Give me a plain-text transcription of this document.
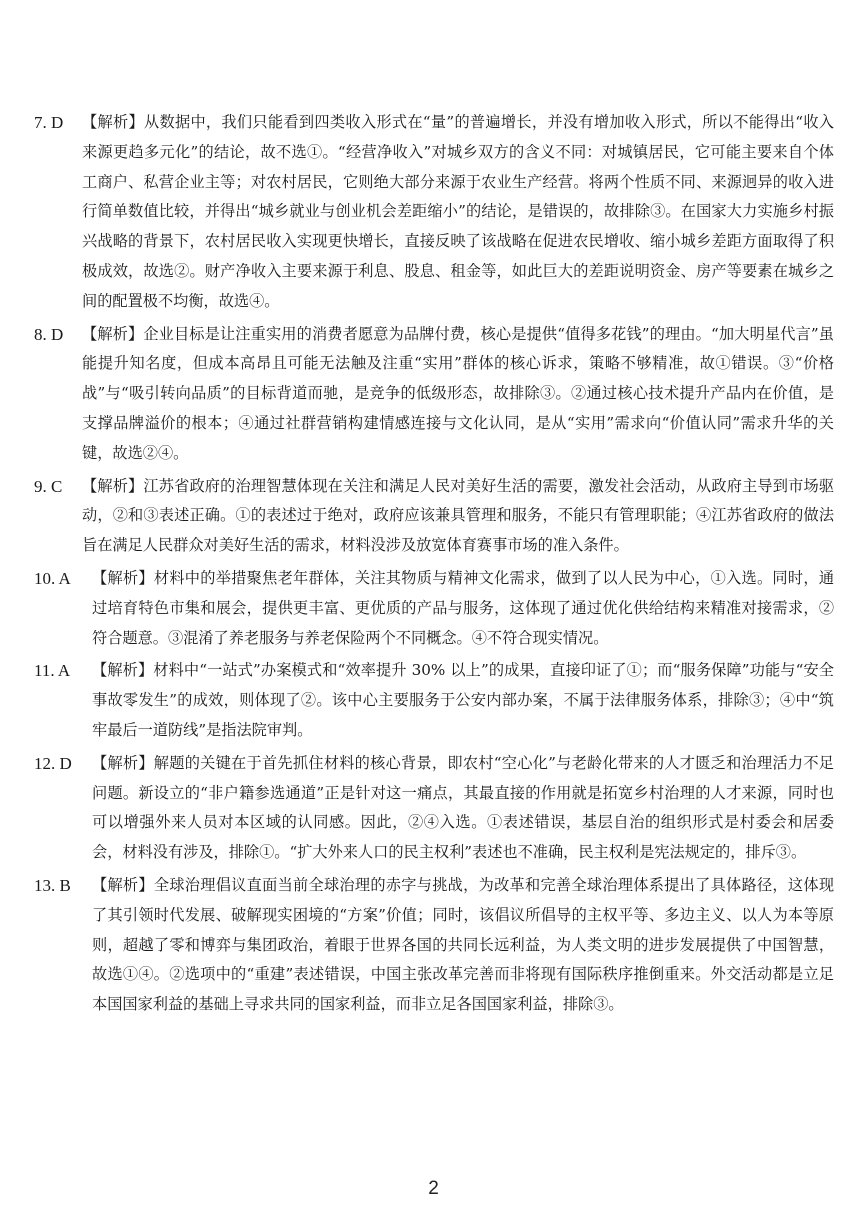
7. D	【解析】从数据中，我们只能看到四类收入形式在“量”的普遍增长，并没有增加收入形式，所以不能得出“收入来源更趋多元化”的结论，故不选①。“经营净收入”对城乡双方的含义不同：对城镇居民，它可能主要来自个体工商户、私营企业主等；对农村居民，它则绝大部分来源于农业生产经营。将两个性质不同、来源迥异的收入进行简单数值比较，并得出“城乡就业与创业机会差距缩小”的结论，是错误的，故排除③。在国家大力实施乡村振兴战略的背景下，农村居民收入实现更快增长，直接反映了该战略在促进农民增收、缩小城乡差距方面取得了积极成效，故选②。财产净收入主要来源于利息、股息、租金等，如此巨大的差距说明资金、房产等要素在城乡之间的配置极不均衡，故选④。
8. D	【解析】企业目标是让注重实用的消费者愿意为品牌付费，核心是提供“值得多花钱”的理由。“加大明星代言”虽能提升知名度，但成本高昂且可能无法触及注重“实用”群体的核心诉求，策略不够精准，故①错误。③“价格战”与“吸引转向品质”的目标背道而驰，是竞争的低级形态，故排除③。②通过核心技术提升产品内在价值，是支撑品牌溢价的根本；④通过社群营销构建情感连接与文化认同，是从“实用”需求向“价值认同”需求升华的关键，故选②④。
9. C	【解析】江苏省政府的治理智慧体现在关注和满足人民对美好生活的需要，激发社会活动，从政府主导到市场驱动，②和③表述正确。①的表述过于绝对，政府应该兼具管理和服务，不能只有管理职能；④江苏省政府的做法旨在满足人民群众对美好生活的需求，材料没涉及放宽体育赛事市场的准入条件。
10. A	【解析】材料中的举措聚焦老年群体，关注其物质与精神文化需求，做到了以人民为中心，①入选。同时，通过培育特色市集和展会，提供更丰富、更优质的产品与服务，这体现了通过优化供给结构来精准对接需求，②符合题意。③混淆了养老服务与养老保险两个不同概念。④不符合现实情况。
11. A	【解析】材料中“一站式”办案模式和“效率提升 30% 以上”的成果，直接印证了①；而“服务保障”功能与“安全事故零发生”的成效，则体现了②。该中心主要服务于公安内部办案，不属于法律服务体系，排除③；④中“筑牢最后一道防线”是指法院审判。
12. D	【解析】解题的关键在于首先抓住材料的核心背景，即农村“空心化”与老龄化带来的人才匮乏和治理活力不足问题。新设立的“非户籍参选通道”正是针对这一痛点，其最直接的作用就是拓宽乡村治理的人才来源，同时也可以增强外来人员对本区域的认同感。因此，②④入选。①表述错误，基层自治的组织形式是村委会和居委会，材料没有涉及，排除①。“扩大外来人口的民主权利”表述也不准确，民主权利是宪法规定的，排斥③。
13. B	【解析】全球治理倡议直面当前全球治理的赤字与挑战，为改革和完善全球治理体系提出了具体路径，这体现了其引领时代发展、破解现实困境的“方案”价值；同时，该倡议所倡导的主权平等、多边主义、以人为本等原则，超越了零和博弈与集团政治，着眼于世界各国的共同长远利益，为人类文明的进步发展提供了中国智慧，故选①④。②选项中的“重建”表述错误，中国主张改革完善而非将现有国际秩序推倒重来。外交活动都是立足本国国家利益的基础上寻求共同的国家利益，而非立足各国国家利益，排除③。
2
